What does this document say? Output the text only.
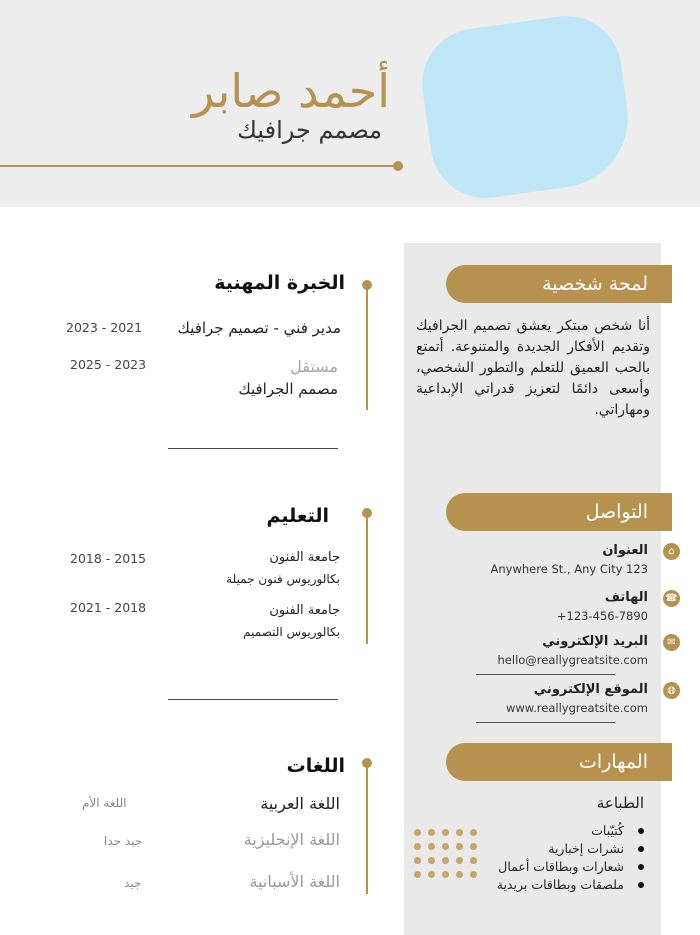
أحمد صابر
مصمم جرافيك
لمحة شخصية
أنا شخص مبتكر يعشق تصميم الجرافيك وتقديم الأفكار الجديدة والمتنوعة. أتمتع بالحب العميق للتعلم والتطور الشخصي، وأسعى دائمًا لتعزيز قدراتي الإبداعية ومهاراتي.
التواصل
⌂
العنوان
Anywhere St., Any City 123
☎
الهاتف
+123-456-7890
✉
البريد الإلكتروني
hello@reallygreatsite.com
◍
الموقع الإلكتروني
www.reallygreatsite.com
المهارات
الطباعة
كُتيّبات
نشرات إخبارية
شعارات وبطاقات أعمال
ملصقات وبطاقات بريدية
الخبرة المهنية
مدير فني - تصميم جرافيك
2023 - 2021
مستقل
مصمم الجرافيك
2025 - 2023
التعليم
جامعة الفنون
بكالوريوس فنون جميلة
2018 - 2015
جامعة الفنون
بكالوريوس التصميم
2021 - 2018
اللغات
اللغة العربية
اللغة الأم
اللغة الإنجليزية
جيد جدا
اللغة الأسبانية
جيد
